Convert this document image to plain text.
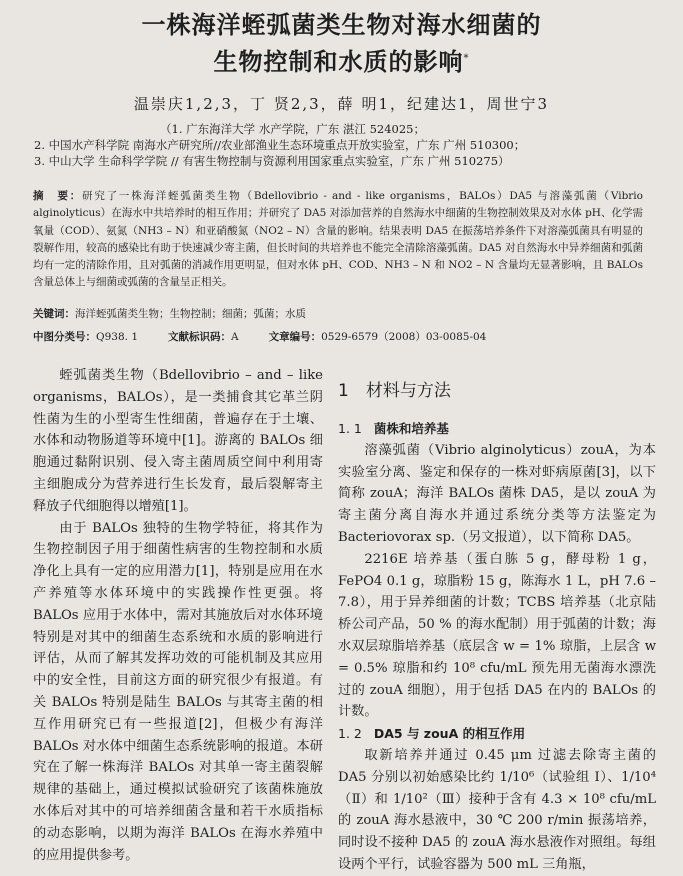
一株海洋蛭弧菌类生物对海水细菌的
生物控制和水质的影响*
温崇庆1,2,3，丁 贤2,3，薛 明1，纪建达1，周世宁3
（1. 广东海洋大学 水产学院，广东 湛江 524025；
2. 中国水产科学院 南海水产研究所//农业部渔业生态环境重点开放实验室，广东 广州 510300；
3. 中山大学 生命科学学院 // 有害生物控制与资源利用国家重点实验室，广东 广州 510275）
摘　要：研究了一株海洋蛭弧菌类生物（Bdellovibrio - and - like organisms，BALOs）DA5 与溶藻弧菌（Vibrio alginolyticus）在海水中共培养时的相互作用；并研究了 DA5 对添加营养的自然海水中细菌的生物控制效果及对水体 pH、化学需氧量（COD）、氨氮（NH3 – N）和亚硝酸氮（NO2 – N）含量的影响。结果表明 DA5 在振荡培养条件下对溶藻弧菌具有明显的裂解作用，较高的感染比有助于快速减少寄主菌，但长时间的共培养也不能完全清除溶藻弧菌。DA5 对自然海水中异养细菌和弧菌均有一定的清除作用，且对弧菌的消减作用更明显，但对水体 pH、COD、NH3 – N 和 NO2 – N 含量均无显著影响，且 BALOs 含量总体上与细菌或弧菌的含量呈正相关。
关键词：海洋蛭弧菌类生物；生物控制；细菌；弧菌；水质
中图分类号：Q938. 1	文献标识码：A	文章编号：0529-6579（2008）03-0085-04

蛭弧菌类生物（Bdellovibrio – and – like organisms，BALOs），是一类捕食其它革兰阴性菌为生的小型寄生性细菌，普遍存在于土壤、水体和动物肠道等环境中[1]。游离的 BALOs 细胞通过黏附识别、侵入寄主菌周质空间中利用寄主细胞成分为营养进行生长发育，最后裂解寄主释放子代细胞得以增殖[1]。

由于 BALOs 独特的生物学特征，将其作为生物控制因子用于细菌性病害的生物控制和水质净化上具有一定的应用潜力[1]，特别是应用在水产养殖等水体环境中的实践操作性更强。将 BALOs 应用于水体中，需对其施放后对水体环境特别是对其中的细菌生态系统和水质的影响进行评估，从而了解其发挥功效的可能机制及其应用中的安全性，目前这方面的研究很少有报道。有关 BALOs 特别是陆生 BALOs 与其寄主菌的相互作用研究已有一些报道[2]，但极少有海洋 BALOs 对水体中细菌生态系统影响的报道。本研究在了解一株海洋 BALOs 对其单一寄主菌裂解规律的基础上，通过模拟试验研究了该菌株施放水体后对其中的可培养细菌含量和若干水质指标的动态影响，以期为海洋 BALOs 在海水养殖中的应用提供参考。

1　材料与方法
1. 1 菌株和培养基

溶藻弧菌（Vibrio alginolyticus）zouA，为本实验室分离、鉴定和保存的一株对虾病原菌[3]，以下简称 zouA；海洋 BALOs 菌株 DA5，是以 zouA 为寄主菌分离自海水并通过系统分类等方法鉴定为 Bacteriovorax sp.（另文报道），以下简称 DA5。

2216E 培养基（蛋白胨 5 g，酵母粉 1 g，FePO4 0.1 g，琼脂粉 15 g，陈海水 1 L，pH 7.6 – 7.8），用于异养细菌的计数；TCBS 培养基（北京陆桥公司产品，50 % 的海水配制）用于弧菌的计数；海水双层琼脂培养基（底层含 w = 1% 琼脂，上层含 w = 0.5% 琼脂和约 10⁸ cfu/mL 预先用无菌海水漂洗过的 zouA 细胞），用于包括 DA5 在内的 BALOs 的计数。

1. 2 DA5 与 zouA 的相互作用

取新培养并通过 0.45 μm 过滤去除寄主菌的 DA5 分别以初始感染比约 1/10⁶（试验组 Ⅰ）、1/10⁴（Ⅱ）和 1/10²（Ⅲ）接种于含有 4.3 × 10⁸ cfu/mL 的 zouA 海水悬液中，30 ℃ 200 r/min 振荡培养，同时设不接种 DA5 的 zouA 海水悬液作对照组。每组设两个平行，试验容器为 500 mL 三角瓶，
